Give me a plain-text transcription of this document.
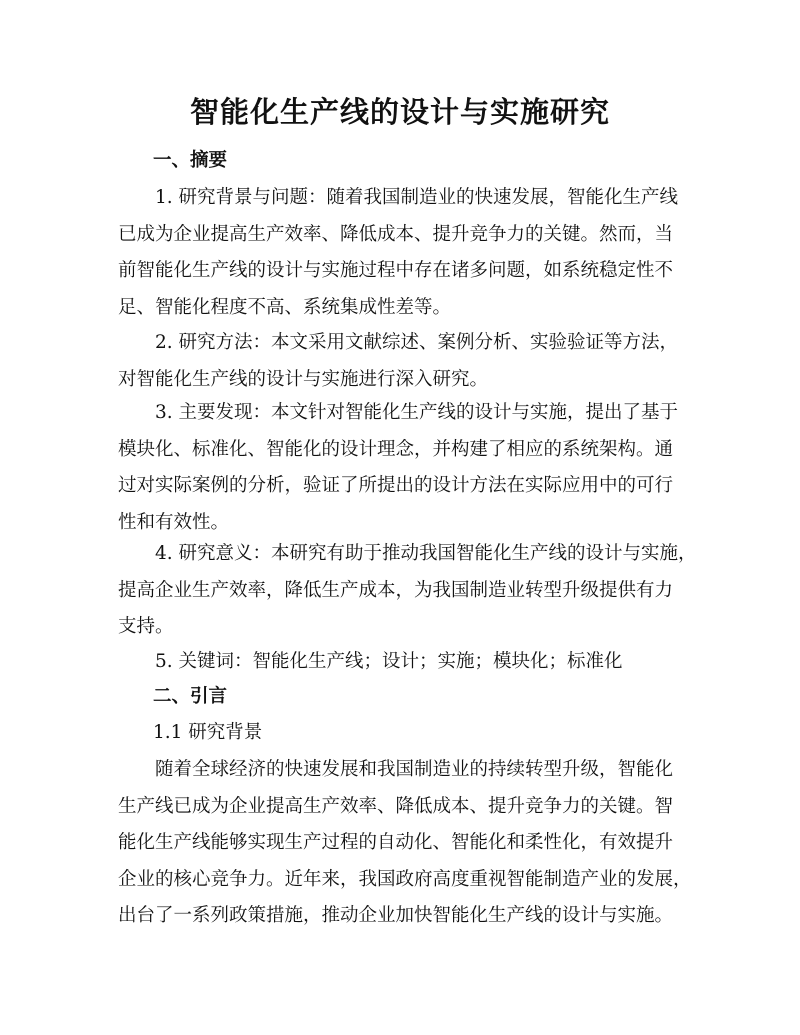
智能化生产线的设计与实施研究
一、摘要
1. 研究背景与问题：随着我国制造业的快速发展，智能化生产线
已成为企业提高生产效率、降低成本、提升竞争力的关键。然而，当
前智能化生产线的设计与实施过程中存在诸多问题，如系统稳定性不
足、智能化程度不高、系统集成性差等。
2. 研究方法：本文采用文献综述、案例分析、实验验证等方法，
对智能化生产线的设计与实施进行深入研究。
3. 主要发现：本文针对智能化生产线的设计与实施，提出了基于
模块化、标准化、智能化的设计理念，并构建了相应的系统架构。通
过对实际案例的分析，验证了所提出的设计方法在实际应用中的可行
性和有效性。
4. 研究意义：本研究有助于推动我国智能化生产线的设计与实施，
提高企业生产效率，降低生产成本，为我国制造业转型升级提供有力
支持。
5. 关键词：智能化生产线；设计；实施；模块化；标准化
二、引言

1.1 研究背景

随着全球经济的快速发展和我国制造业的持续转型升级，智能化
生产线已成为企业提高生产效率、降低成本、提升竞争力的关键。智
能化生产线能够实现生产过程的自动化、智能化和柔性化，有效提升
企业的核心竞争力。近年来，我国政府高度重视智能制造产业的发展，
出台了一系列政策措施，推动企业加快智能化生产线的设计与实施。
